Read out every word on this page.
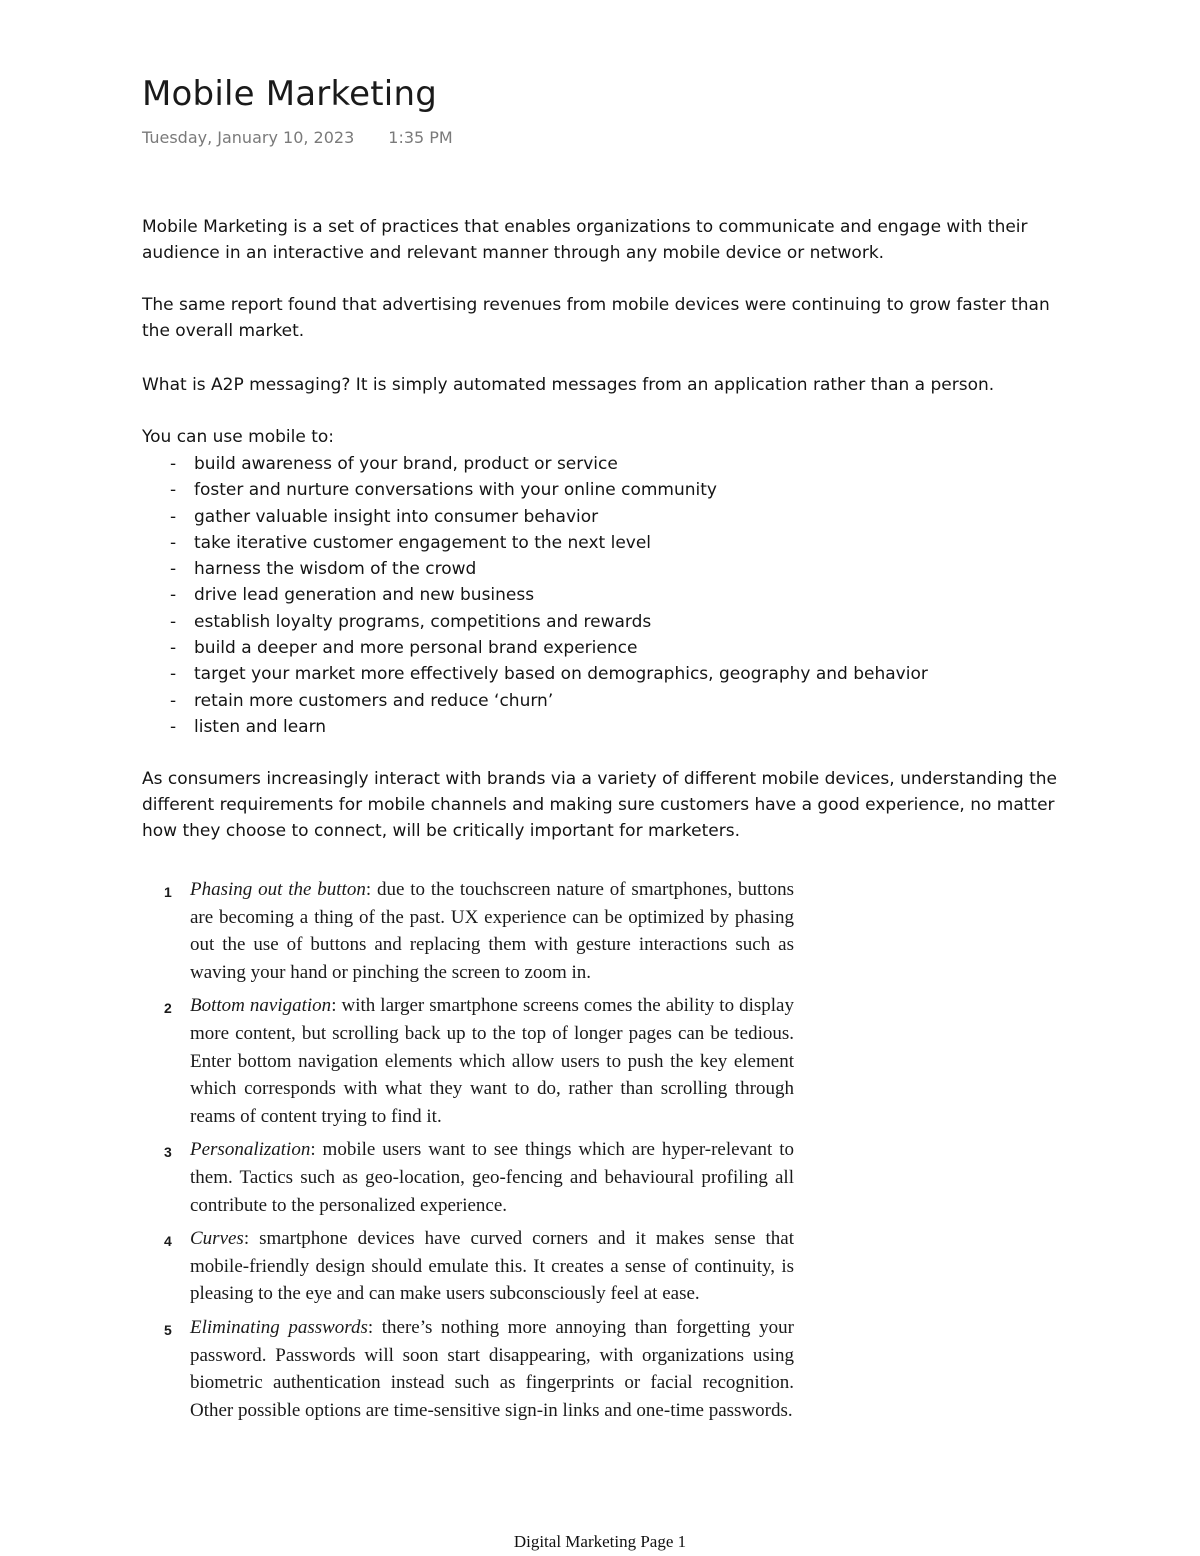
Mobile Marketing
Tuesday, January 10, 2023 1:35 PM

Mobile Marketing is a set of practices that enables organizations to communicate and engage with their audience in an interactive and relevant manner through any mobile device or network.

The same report found that advertising revenues from mobile devices were continuing to grow faster than the overall market.

What is A2P messaging? It is simply automated messages from an application rather than a person.

You can use mobile to:

-	build awareness of your brand, product or service
-	foster and nurture conversations with your online community
-	gather valuable insight into consumer behavior
-	take iterative customer engagement to the next level
-	harness the wisdom of the crowd
-	drive lead generation and new business
-	establish loyalty programs, competitions and rewards
-	build a deeper and more personal brand experience
-	target your market more effectively based on demographics, geography and behavior
-	retain more customers and reduce ‘churn’
-	listen and learn

As consumers increasingly interact with brands via a variety of different mobile devices, understanding the different requirements for mobile channels and making sure customers have a good experience, no matter how they choose to connect, will be critically important for marketers.

1 Phasing out the button: due to the touchscreen nature of smartphones, buttons are becoming a thing of the past. UX experience can be optimized by phasing out the use of buttons and replacing them with gesture interactions such as waving your hand or pinching the screen to zoom in.
2 Bottom navigation: with larger smartphone screens comes the ability to display more content, but scrolling back up to the top of longer pages can be tedious. Enter bottom navigation elements which allow users to push the key element which corresponds with what they want to do, rather than scrolling through reams of content trying to find it.
3 Personalization: mobile users want to see things which are hyper-relevant to them. Tactics such as geo-location, geo-fencing and behavioural profiling all contribute to the personalized experience.
4 Curves: smartphone devices have curved corners and it makes sense that mobile-friendly design should emulate this. It creates a sense of continuity, is pleasing to the eye and can make users subconsciously feel at ease.
5 Eliminating passwords: there’s nothing more annoying than forgetting your password. Passwords will soon start disappearing, with organizations using biometric authentication instead such as fingerprints or facial recognition. Other possible options are time-sensitive sign-in links and one-time passwords.
Digital Marketing Page 1
